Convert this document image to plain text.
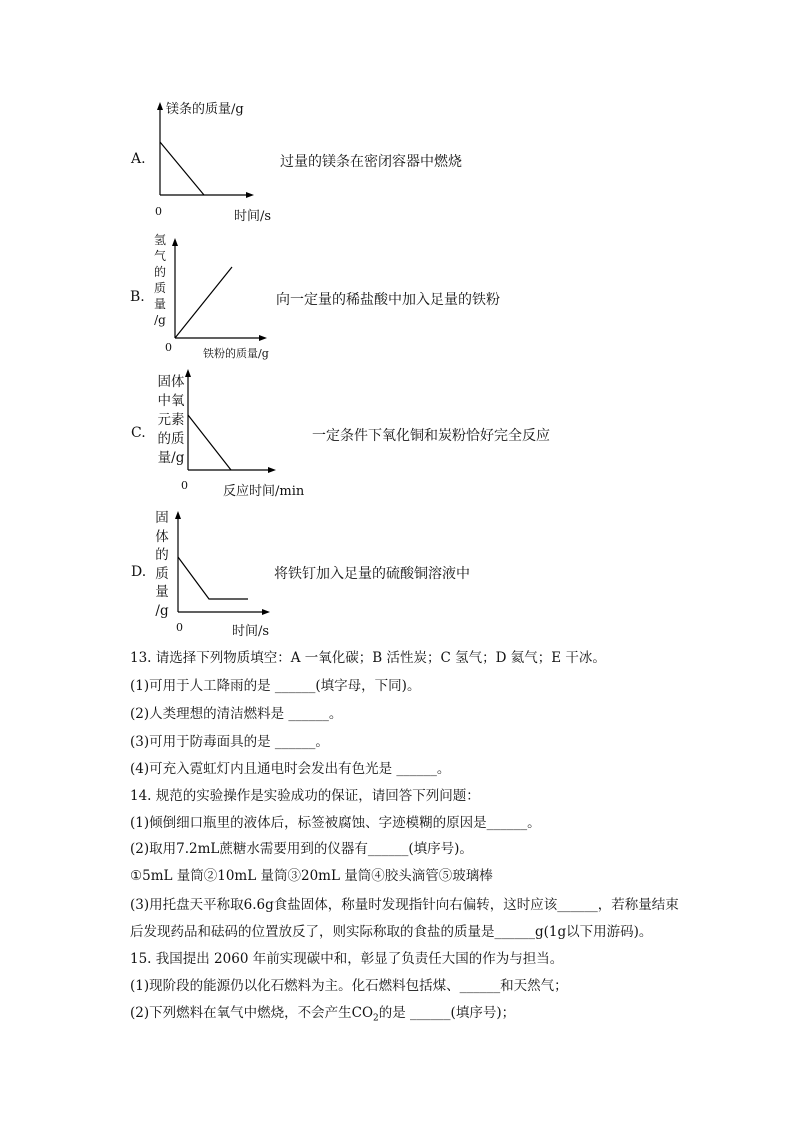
A.
镁条的质量/g
0	时间/s
过量的镁条在密闭容器中燃烧
B.
氢
气
的
质
量
/g
0	铁粉的质量/g
向一定量的稀盐酸中加入足量的铁粉
C.
固体
中氧
元素
的质
量/g
0	反应时间/min
一定条件下氧化铜和炭粉恰好完全反应
D.
固
体
的
质
量
/g
0	时间/s
将铁钉加入足量的硫酸铜溶液中
13. 请选择下列物质填空：A 一氧化碳；B 活性炭；C 氢气；D 氦气；E 干冰。
(1)可用于人工降雨的是 ______(填字母，下同)。
(2)人类理想的清洁燃料是 ______。
(3)可用于防毒面具的是 ______。
(4)可充入霓虹灯内且通电时会发出有色光是 ______。
14. 规范的实验操作是实验成功的保证，请回答下列问题：
(1)倾倒细口瓶里的液体后，标签被腐蚀、字迹模糊的原因是______。
(2)取用7.2mL蔗糖水需要用到的仪器有______(填序号)。
①5mL 量筒②10mL 量筒③20mL 量筒④胶头滴管⑤玻璃棒
(3)用托盘天平称取6.6g食盐固体，称量时发现指针向右偏转，这时应该______，若称量结束
后发现药品和砝码的位置放反了，则实际称取的食盐的质量是______g(1g以下用游码)。
15. 我国提出 2060 年前实现碳中和，彰显了负责任大国的作为与担当。
(1)现阶段的能源仍以化石燃料为主。化石燃料包括煤、______和天然气；
(2)下列燃料在氧气中燃烧，不会产生$CO_2$的是 ______(填序号)；
